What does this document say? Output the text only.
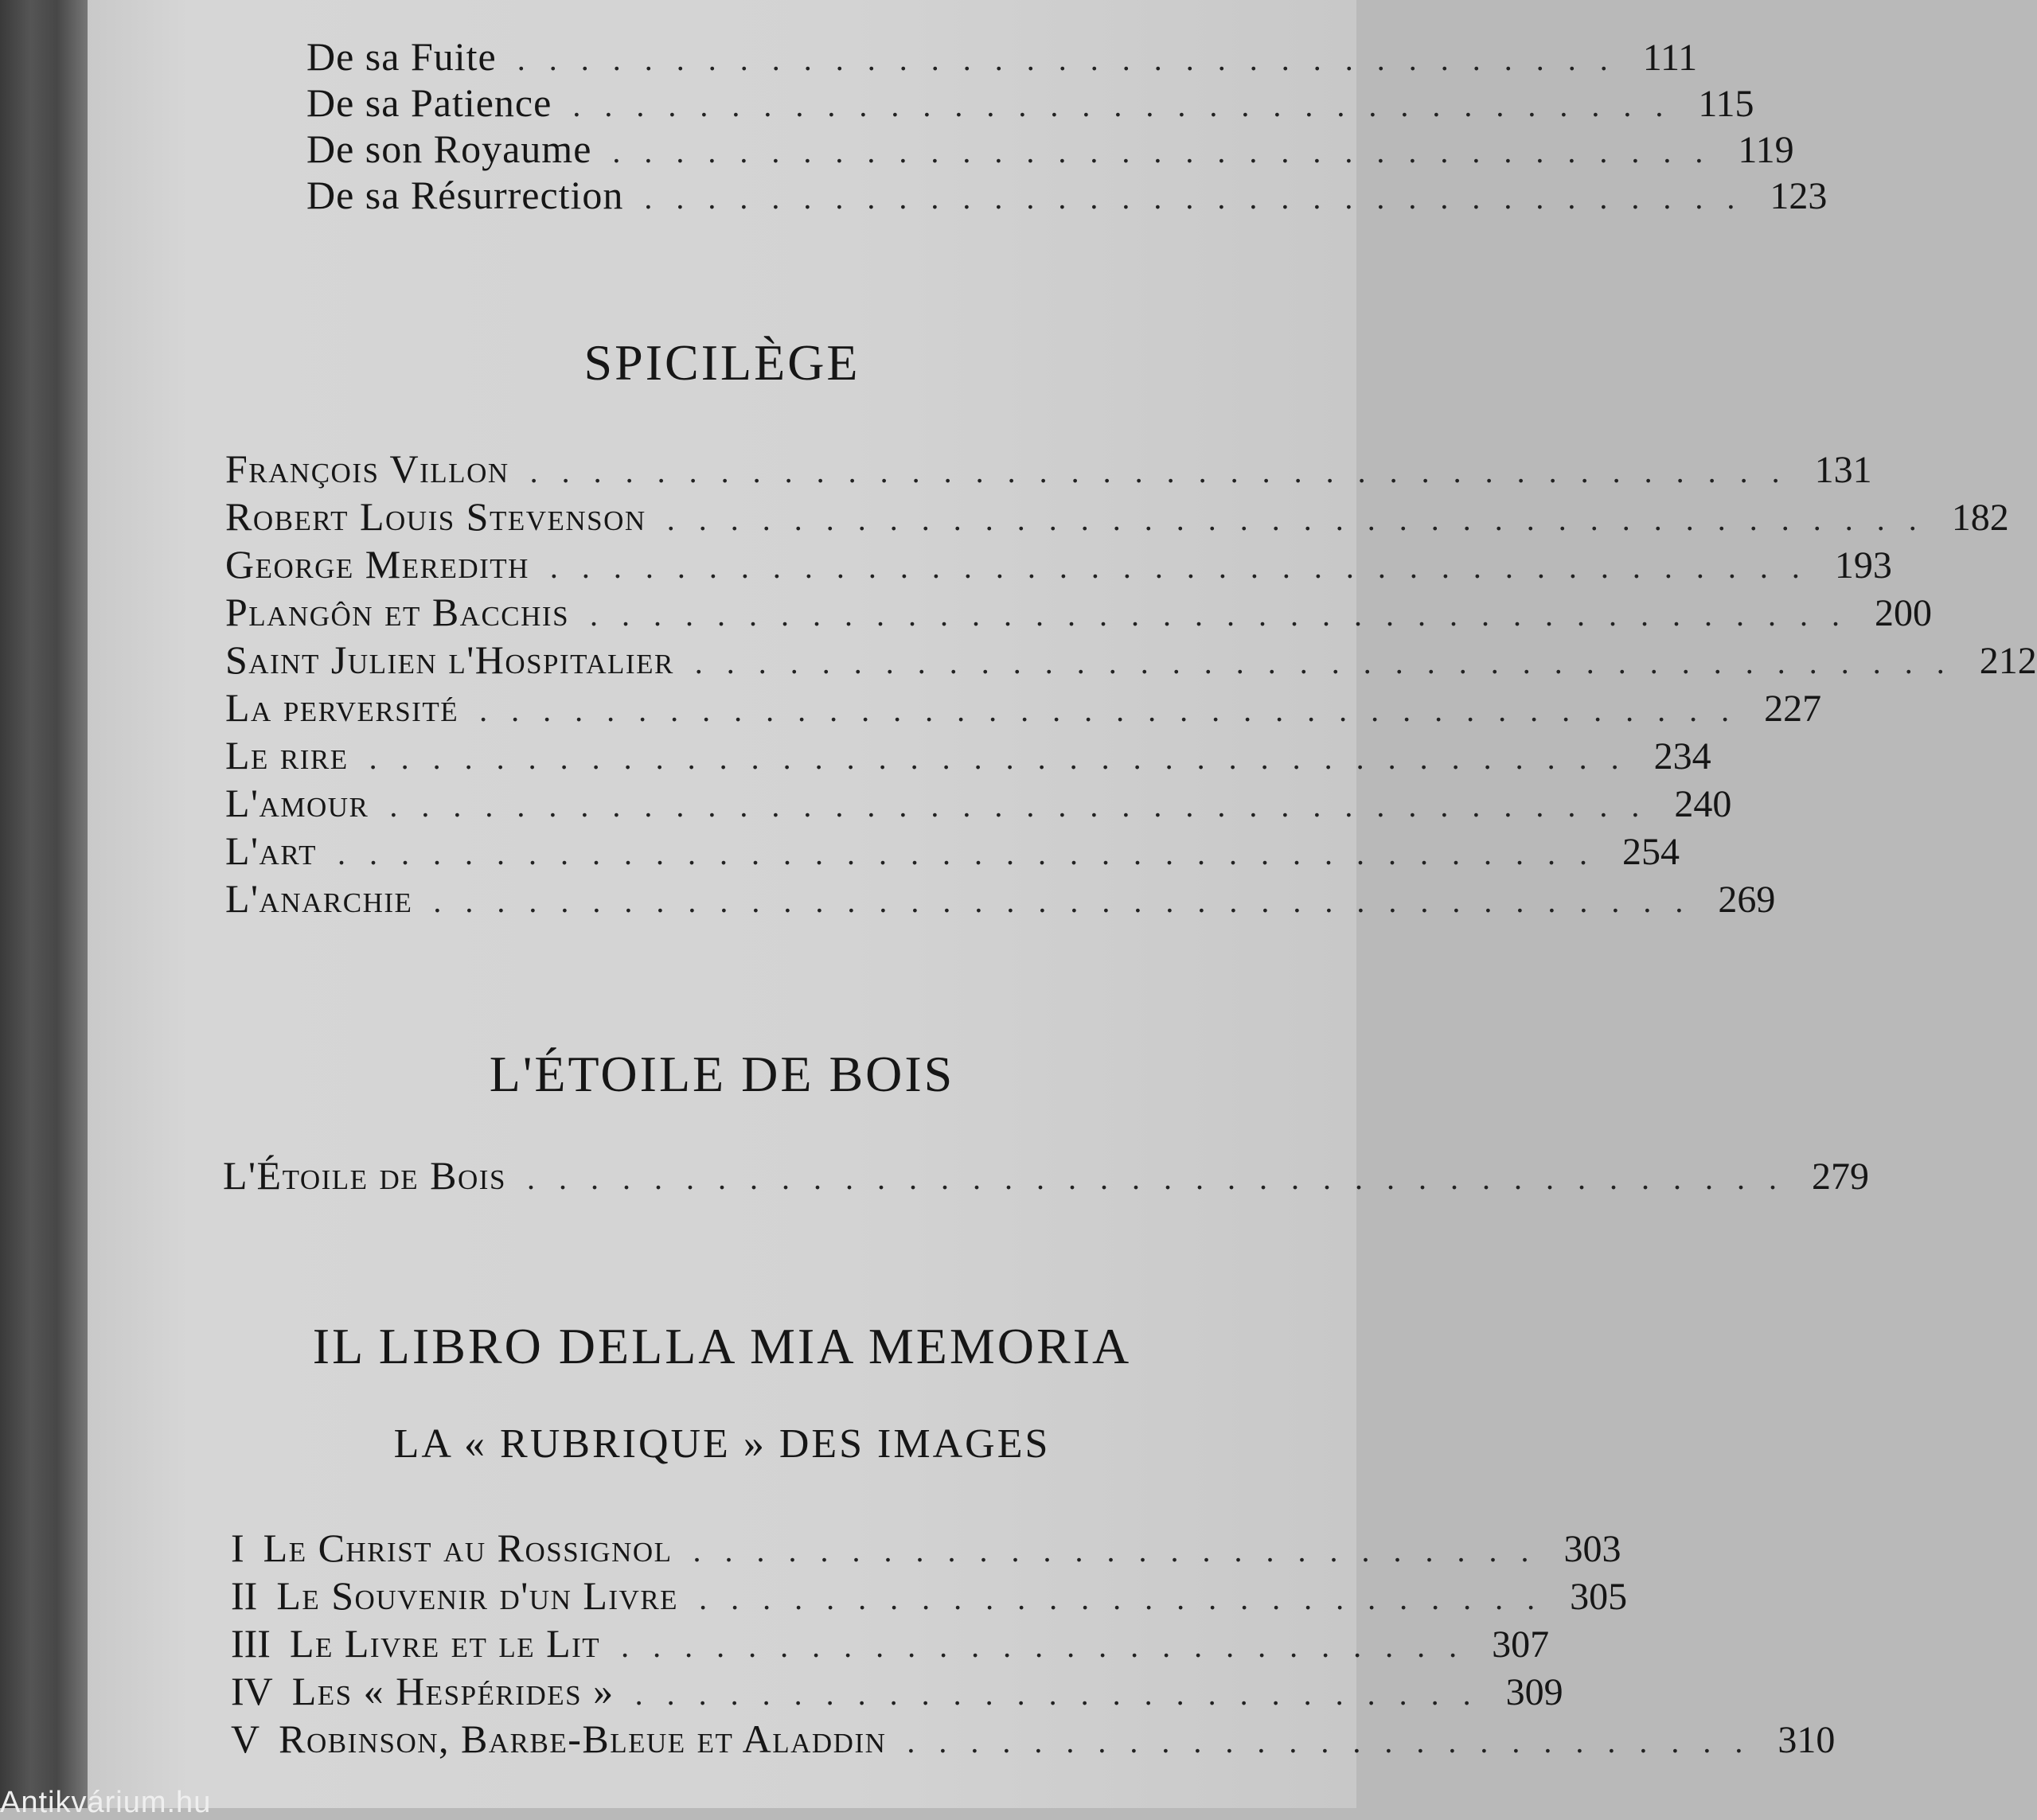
De sa Fuite . . . . . . . . . . . . . . . . . . . . . . . . . . . . . . . . . . . 111
De sa Patience . . . . . . . . . . . . . . . . . . . . . . . . . . . . . . . . . . . 115
De son Royaume . . . . . . . . . . . . . . . . . . . . . . . . . . . . . . . . . . . 119
De sa Résurrection . . . . . . . . . . . . . . . . . . . . . . . . . . . . . . . . . . . 123
SPICILÈGE
François Villon . . . . . . . . . . . . . . . . . . . . . . . . . . . . . . . . . . . . . . . . 131
Robert Louis Stevenson . . . . . . . . . . . . . . . . . . . . . . . . . . . . . . . . . . . . . . . . 182
George Meredith . . . . . . . . . . . . . . . . . . . . . . . . . . . . . . . . . . . . . . . . 193
Plangôn et Bacchis . . . . . . . . . . . . . . . . . . . . . . . . . . . . . . . . . . . . . . . . 200
Saint Julien l'Hospitalier . . . . . . . . . . . . . . . . . . . . . . . . . . . . . . . . . . . . . . . . 212
La perversité . . . . . . . . . . . . . . . . . . . . . . . . . . . . . . . . . . . . . . . . 227
Le rire . . . . . . . . . . . . . . . . . . . . . . . . . . . . . . . . . . . . . . . . 234
L'amour . . . . . . . . . . . . . . . . . . . . . . . . . . . . . . . . . . . . . . . . 240
L'art . . . . . . . . . . . . . . . . . . . . . . . . . . . . . . . . . . . . . . . . 254
L'anarchie . . . . . . . . . . . . . . . . . . . . . . . . . . . . . . . . . . . . . . . . 269
L'ÉTOILE DE BOIS
L'Étoile de Bois . . . . . . . . . . . . . . . . . . . . . . . . . . . . . . . . . . . . . . . . 279
IL LIBRO DELLA MIA MEMORIA
LA « RUBRIQUE » DES IMAGES
I Le Christ au Rossignol . . . . . . . . . . . . . . . . . . . . . . . . . . . 303
II Le Souvenir d'un Livre . . . . . . . . . . . . . . . . . . . . . . . . . . . 305
III Le Livre et le Lit . . . . . . . . . . . . . . . . . . . . . . . . . . . 307
IV Les « Hespérides » . . . . . . . . . . . . . . . . . . . . . . . . . . . 309
V Robinson, Barbe-Bleue et Aladdin . . . . . . . . . . . . . . . . . . . . . . . . . . . 310
Antikvárium.hu
